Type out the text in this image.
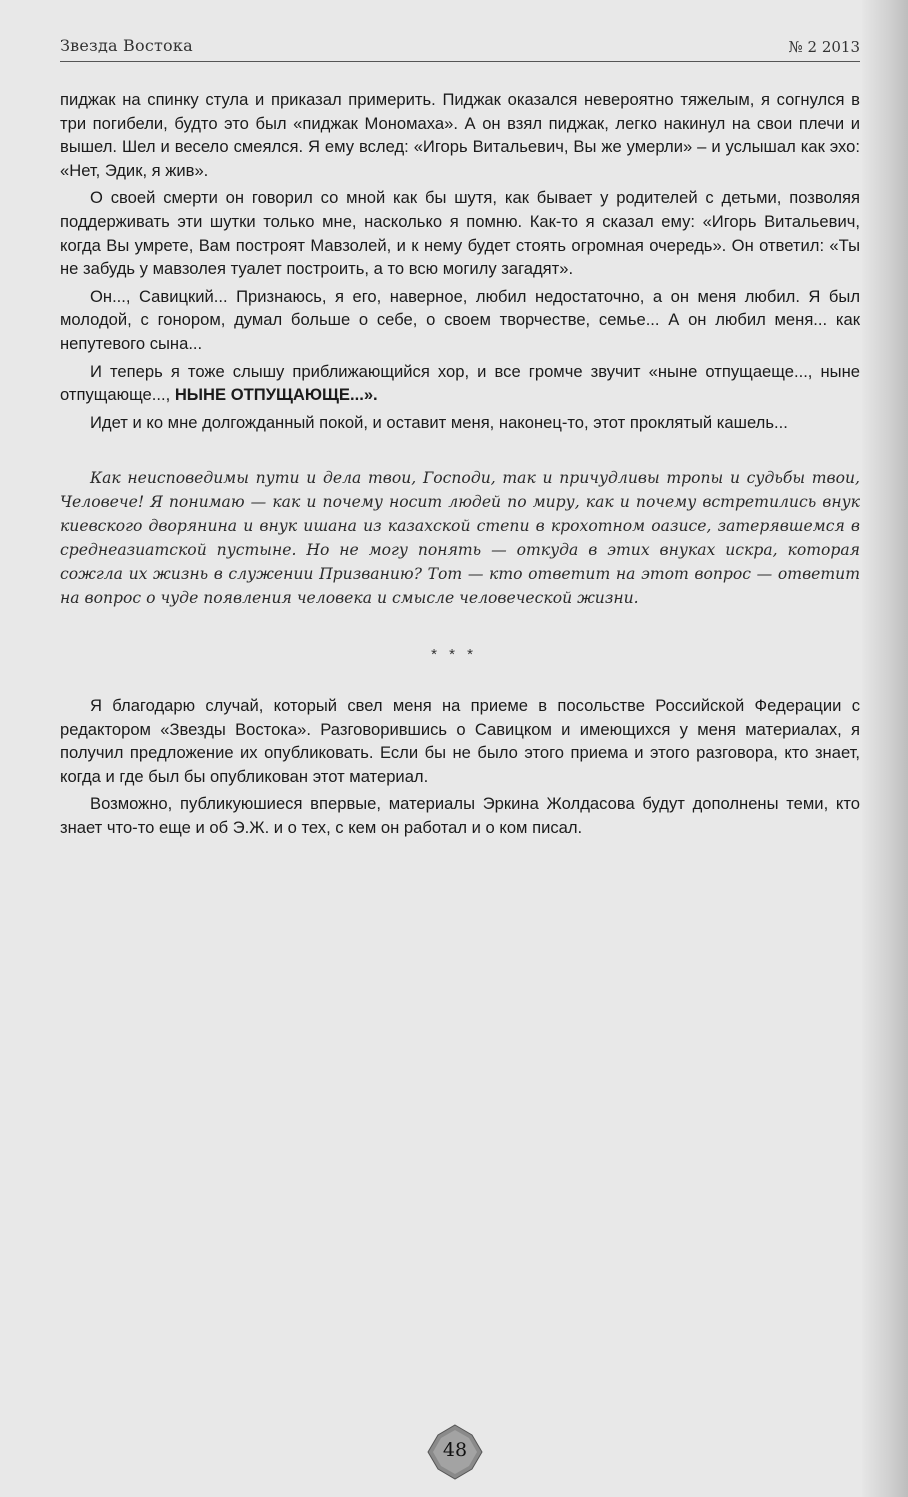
Звезда Востока	№ 2 2013

пиджак на спинку стула и приказал примерить. Пиджак оказался невероятно тяжелым, я согнулся в три погибели, будто это был «пиджак Мономаха». А он взял пиджак, легко накинул на свои плечи и вышел. Шел и весело смеялся. Я ему вслед: «Игорь Витальевич, Вы же умерли» – и услышал как эхо: «Нет, Эдик, я жив».

О своей смерти он говорил со мной как бы шутя, как бывает у родителей с детьми, позволяя поддерживать эти шутки только мне, насколько я помню. Как-то я сказал ему: «Игорь Витальевич, когда Вы умрете, Вам построят Мавзолей, и к нему будет стоять огромная очередь». Он ответил: «Ты не забудь у мавзолея туалет построить, а то всю могилу загадят».

Он..., Савицкий... Признаюсь, я его, наверное, любил недостаточно, а он меня любил. Я был молодой, с гонором, думал больше о себе, о своем творчестве, семье... А он любил меня... как непутевого сына...

И теперь я тоже слышу приближающийся хор, и все громче звучит «ныне отпущаеще..., ныне отпущающе..., НЫНЕ ОТПУЩАЮЩЕ...».

Идет и ко мне долгожданный покой, и оставит меня, наконец-то, этот проклятый кашель...

Как неисповедимы пути и дела твои, Господи, так и причудливы тропы и судьбы твои, Человече! Я понимаю — как и почему носит людей по миру, как и почему встретились внук киевского дворянина и внук ишана из казахской степи в крохотном оазисе, затерявшемся в среднеазиатской пустыне. Но не могу понять — откуда в этих внуках искра, которая сожгла их жизнь в служении Призванию? Тот — кто ответит на этот вопрос — ответит на вопрос о чуде появления человека и смысле человеческой жизни.
* * *

Я благодарю случай, который свел меня на приеме в посольстве Российской Федерации с редактором «Звезды Востока». Разговорившись о Савицком и имеющихся у меня материалах, я получил предложение их опубликовать. Если бы не было этого приема и этого разговора, кто знает, когда и где был бы опубликован этот материал.

Возможно, публикуюшиеся впервые, материалы Эркина Жолдасова будут дополнены теми, кто знает что-то еще и об Э.Ж. и о тех, с кем он работал и о ком писал.

48
